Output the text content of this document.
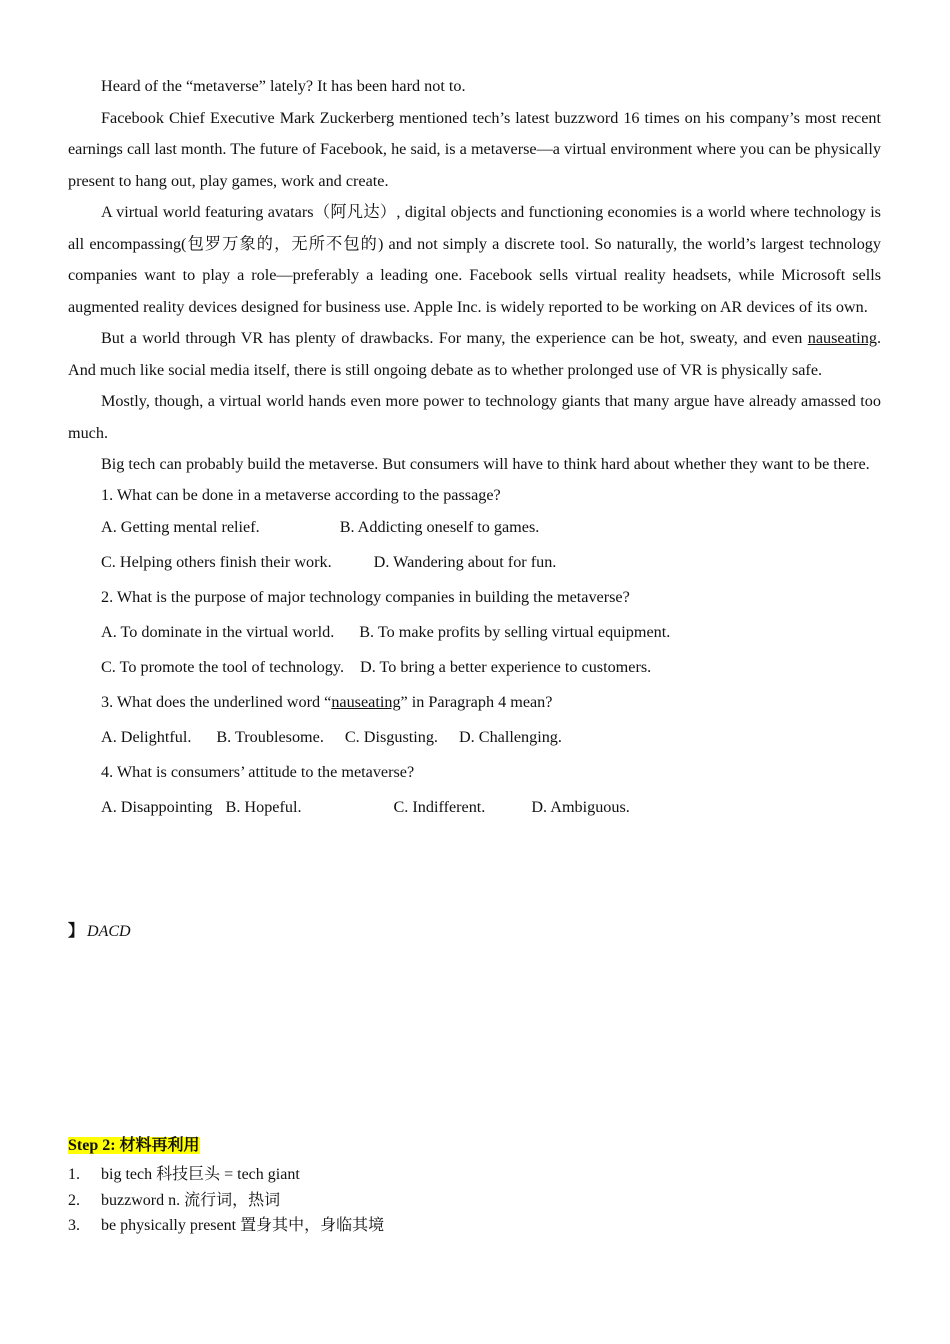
Heard of the “metaverse” lately? It has been hard not to.

Facebook Chief Executive Mark Zuckerberg mentioned tech’s latest buzzword 16 times on his company’s most recent earnings call last month. The future of Facebook, he said, is a metaverse—a virtual environment where you can be physically present to hang out, play games, work and create.

A virtual world featuring avatars（阿凡达）, digital objects and functioning economies is a world where technology is all encompassing(包罗万象的，无所不包的) and not simply a discrete tool. So naturally, the world’s largest technology companies want to play a role—preferably a leading one. Facebook sells virtual reality headsets, while Microsoft sells augmented reality devices designed for business use. Apple Inc. is widely reported to be working on AR devices of its own.

But a world through VR has plenty of drawbacks. For many, the experience can be hot, sweaty, and even nauseating. And much like social media itself, there is still ongoing debate as to whether prolonged use of VR is physically safe.

Mostly, though, a virtual world hands even more power to technology giants that many argue have already amassed too much.

Big tech can probably build the metaverse. But consumers will have to think hard about whether they want to be there.

1. What can be done in a metaverse according to the passage?
A. Getting mental relief.	B. Addicting oneself to games.
C. Helping others finish their work.	D. Wandering about for fun.
2. What is the purpose of major technology companies in building the metaverse?
A. To dominate in the virtual world. B. To make profits by selling virtual equipment.
C. To promote the tool of technology. D. To bring a better experience to customers.
3. What does the underlined word “nauseating” in Paragraph 4 mean?
A. Delightful. B. Troublesome. C. Disgusting. D. Challenging.
4. What is consumers’ attitude to the metaverse?
A. Disappointing B. Hopeful.	C. Indifferent.	D. Ambiguous.
】 DACD
Step 2: 材料再利用
1. big tech 科技巨头 = tech giant
2. buzzword n. 流行词，热词
3. be physically present 置身其中，身临其境
